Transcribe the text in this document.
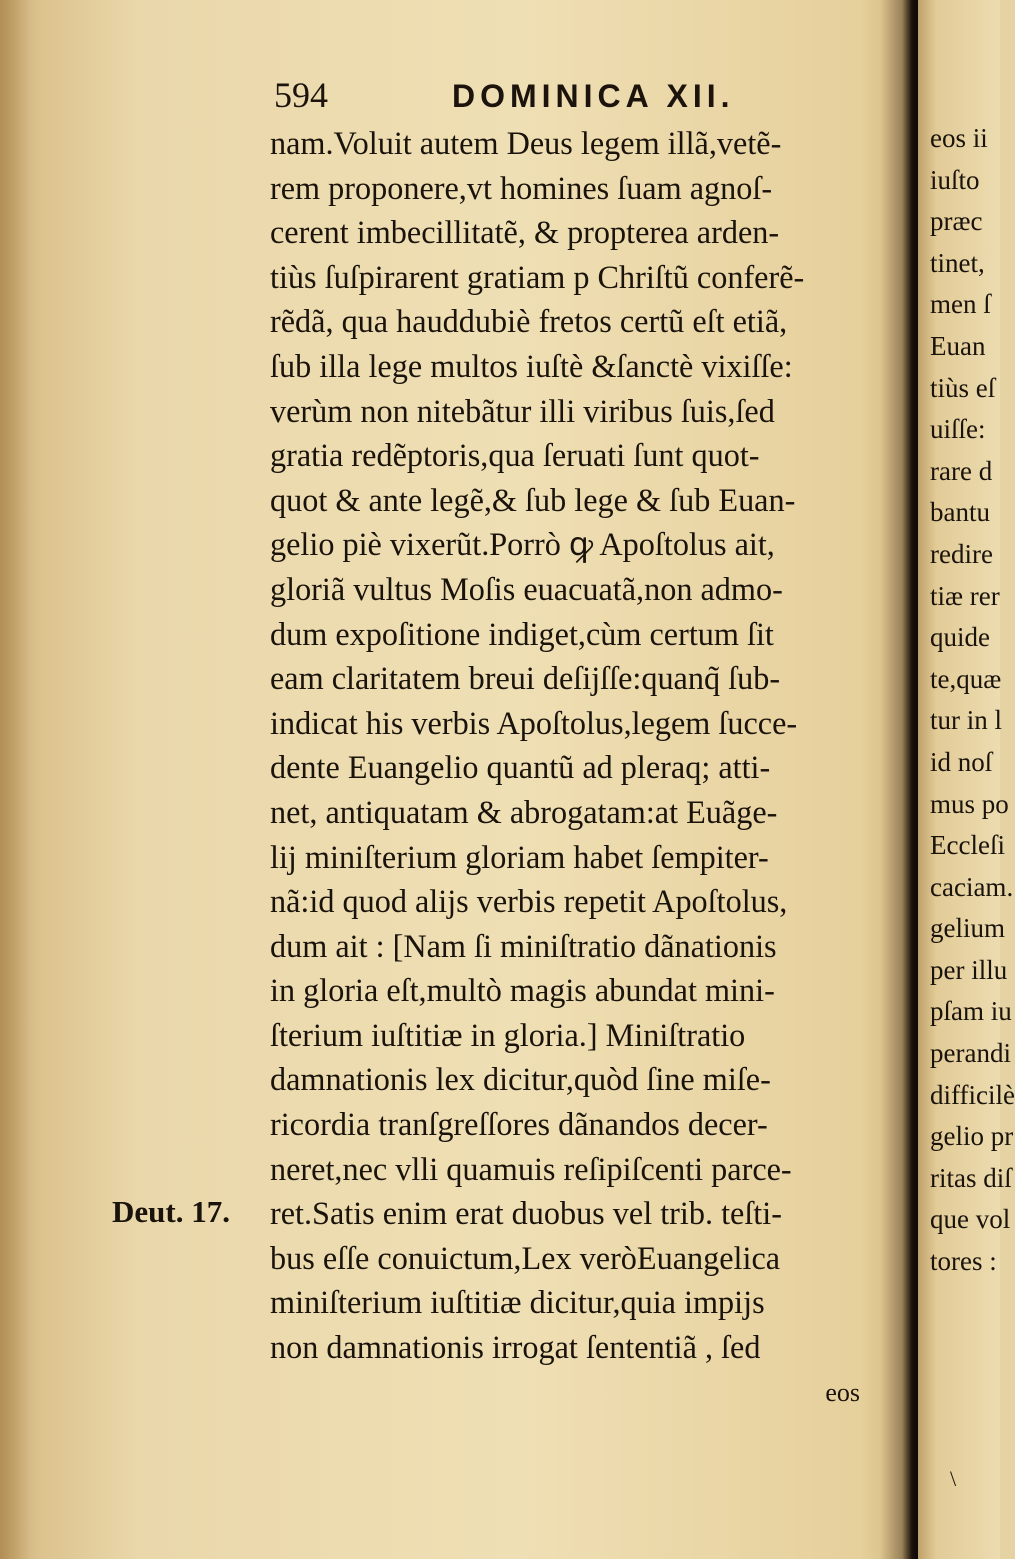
594	DOMINICA XII.
Deut. 17.
nam.Voluit autem Deus legem illã,vetẽ-
rem proponere,vt homines ſuam agnoſ-
cerent imbecillitatẽ, & propterea arden-
tiùs ſuſpirarent gratiam p Chriſtũ conferẽ-
rẽdã, qua hauddubiè fretos certũ eſt etiã,
ſub illa lege multos iuſtè &ſanctè vixiſſe:
verùm non nitebãtur illi viribus ſuis,ſed
gratia redẽptoris,qua ſeruati ſunt quot-
quot & ante legẽ,& ſub lege & ſub Euan-
gelio piè vixerũt.Porrò ꝙ Apoſtolus ait,
gloriã vultus Moſis euacuatã,non admo-
dum expoſitione indiget,cùm certum ſit
eam claritatem breui deſijſſe:quanq̃ ſub-
indicat his verbis Apoſtolus,legem ſucce-
dente Euangelio quantũ ad pleraq; atti-
net, antiquatam & abrogatam:at Euãge-
lij miniſterium gloriam habet ſempiter-
nã:id quod alijs verbis repetit Apoſtolus,
dum ait : [Nam ſi miniſtratio dãnationis
in gloria eſt,multò magis abundat mini-
ſterium iuſtitiæ in gloria.] Miniſtratio
damnationis lex dicitur,quòd ſine miſe-
ricordia tranſgreſſores dãnandos decer-
neret,nec vlli quamuis reſipiſcenti parce-
ret.Satis enim erat duobus vel trib. teſti-
bus eſſe conuictum,Lex veròEuangelica
miniſterium iuſtitiæ dicitur,quia impijs
non damnationis irrogat ſententiã , ſed
eos
eos ii
iuſto
præc
tinet,
men ſ
Euan
tiùs eſ
uiſſe:
rare d
bantu
redire
tiæ rer
quide
te,quæ
tur in l
id noſ
mus po
Eccleſi
caciam.
gelium
per illu
pſam iu
perandi
difficilè
gelio pr
ritas diſ
que vol
tores :
\
